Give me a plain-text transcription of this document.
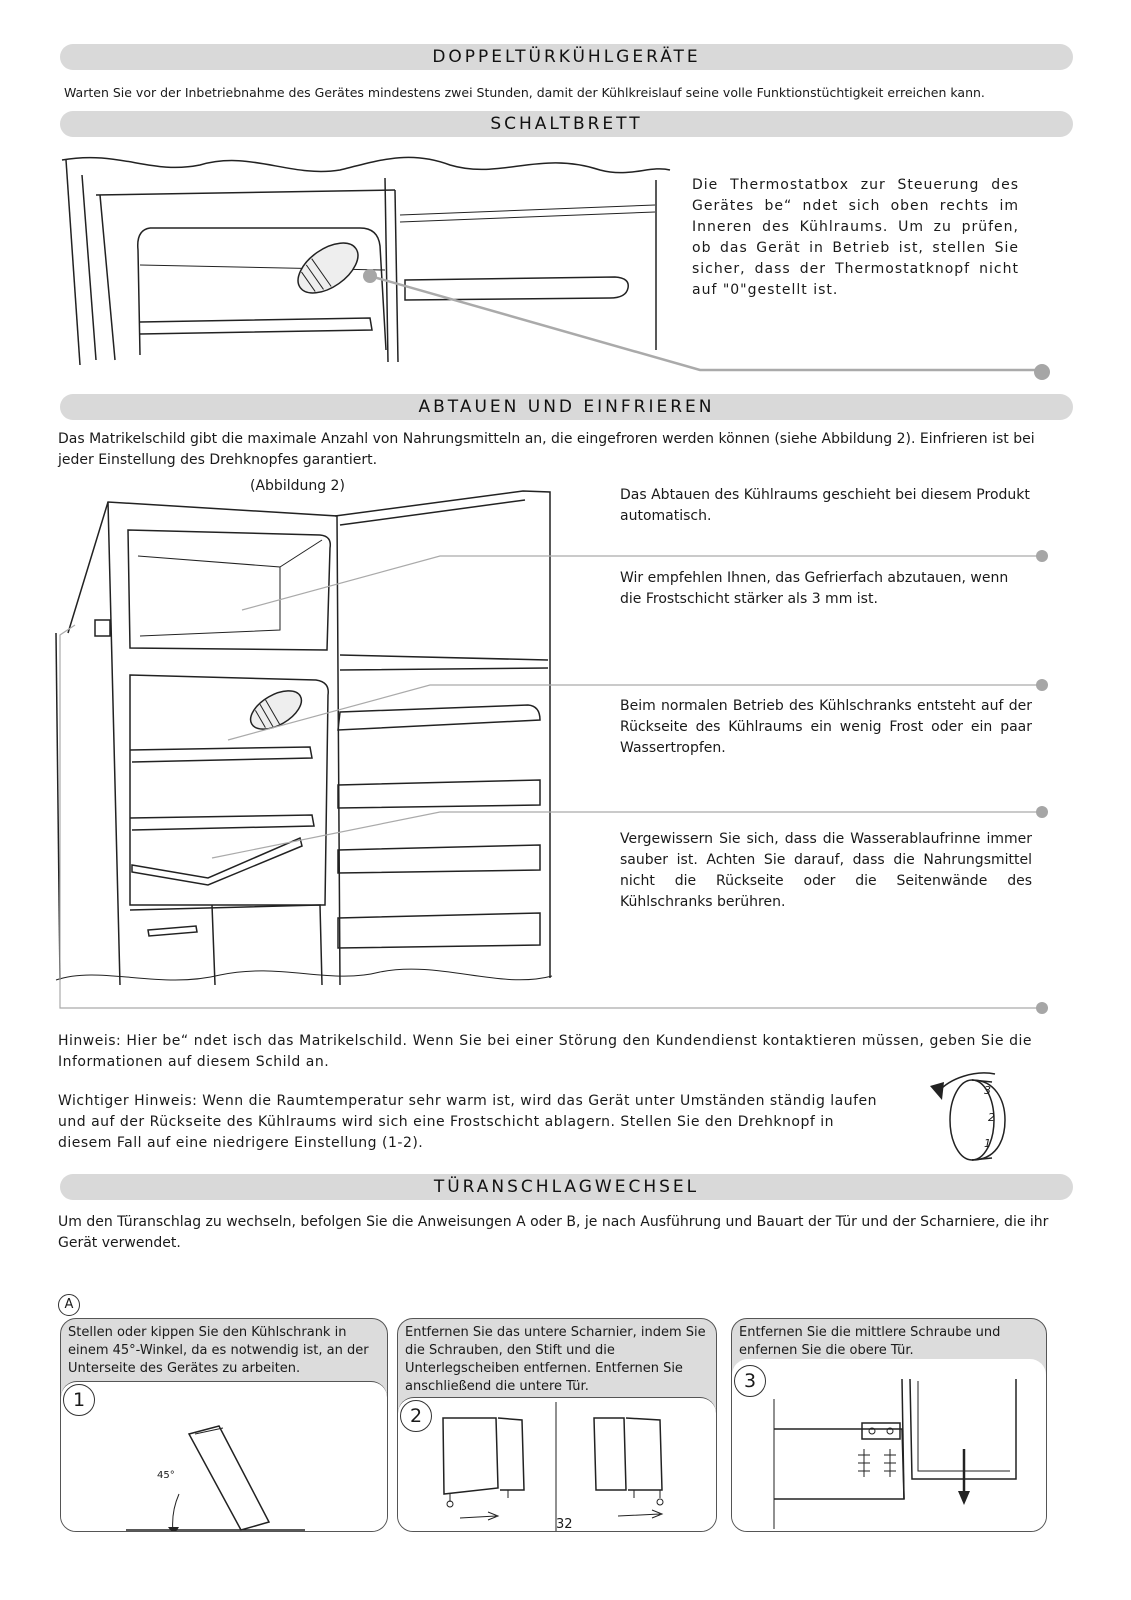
DOPPELTÜRKÜHLGERÄTE
Warten Sie vor der Inbetriebnahme des Gerätes mindestens zwei Stunden, damit der Kühlkreislauf seine volle Funktionstüchtigkeit erreichen kann.
SCHALTBRETT
Die Thermostatbox zur Steuerung des Gerätes be“ ndet sich oben rechts im Inneren des Kühlraums. Um zu prüfen, ob das Gerät in Betrieb ist, stellen Sie sicher, dass der Thermostatknopf nicht auf "0"gestellt ist.
ABTAUEN UND EINFRIEREN
Das Matrikelschild gibt die maximale Anzahl von Nahrungsmitteln an, die eingefroren werden können (siehe Abbildung 2). Einfrieren ist bei jeder Einstellung des Drehknopfes garantiert.
(Abbildung 2)
Das Abtauen des Kühlraums geschieht bei diesem Produkt automatisch.
Wir empfehlen Ihnen, das Gefrierfach abzutauen, wenn die Frostschicht stärker als 3 mm ist.
Beim normalen Betrieb des Kühlschranks entsteht auf der Rückseite des Kühlraums ein wenig Frost oder ein paar Wassertropfen.
Vergewissern Sie sich, dass die Wasserablaufrinne immer sauber ist. Achten Sie darauf, dass die Nahrungsmittel nicht die Rückseite oder die Seitenwände des Kühlschranks berühren.
Hinweis: Hier be“ ndet isch das Matrikelschild. Wenn Sie bei einer Störung den Kundendienst kontaktieren müssen, geben Sie die Informationen auf diesem Schild an.
Wichtiger Hinweis: Wenn die Raumtemperatur sehr warm ist, wird das Gerät unter Umständen ständig laufen und auf der Rückseite des Kühlraums wird sich eine Frostschicht ablagern. Stellen Sie den Drehknopf in diesem Fall auf eine niedrigere Einstellung (1-2).
3
2
1
TÜRANSCHLAGWECHSEL
Um den Türanschlag zu wechseln, befolgen Sie die Anweisungen A oder B, je nach Ausführung und Bauart der Tür und der Scharniere, die ihr Gerät verwendet.
A
Stellen oder kippen Sie den Kühlschrank in einem 45°-Winkel, da es notwendig ist, an der Unterseite des Gerätes zu arbeiten.
1
45°
Entfernen Sie das untere Scharnier, indem Sie die Schrauben, den Stift und die Unterlegscheiben entfernen. Entfernen Sie anschließend die untere Tür.
2
Entfernen Sie die mittlere Schraube und enfernen Sie die obere Tür.
3
32
